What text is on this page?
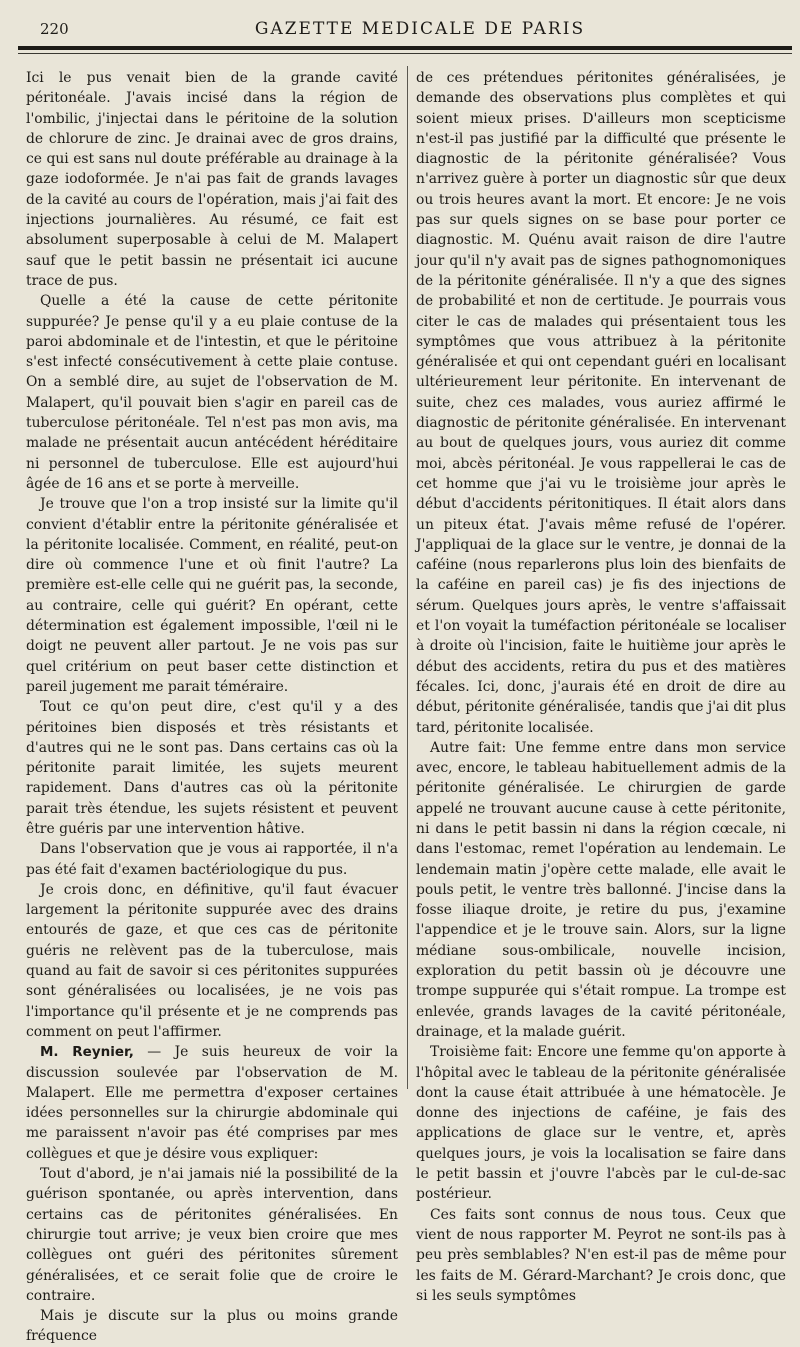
220	GAZETTE MEDICALE DE PARIS

Ici le pus venait bien de la grande cavité péritonéale. J'avais incisé dans la région de l'ombilic, j'injectai dans le péritoine de la solution de chlorure de zinc. Je drainai avec de gros drains, ce qui est sans nul doute préférable au drainage à la gaze iodoformée. Je n'ai pas fait de grands lavages de la cavité au cours de l'opération, mais j'ai fait des injections journalières. Au résumé, ce fait est absolument superposable à celui de M. Malapert sauf que le petit bassin ne présentait ici aucune trace de pus.

Quelle a été la cause de cette péritonite suppurée? Je pense qu'il y a eu plaie contuse de la paroi abdominale et de l'intestin, et que le péritoine s'est infecté consécutivement à cette plaie contuse. On a semblé dire, au sujet de l'observation de M. Malapert, qu'il pouvait bien s'agir en pareil cas de tuberculose péritonéale. Tel n'est pas mon avis, ma malade ne présentait aucun antécédent héréditaire ni personnel de tuberculose. Elle est aujourd'hui âgée de 16 ans et se porte à merveille.

Je trouve que l'on a trop insisté sur la limite qu'il convient d'établir entre la péritonite généralisée et la péritonite localisée. Comment, en réalité, peut-on dire où commence l'une et où finit l'autre? La première est-elle celle qui ne guérit pas, la seconde, au contraire, celle qui guérit? En opérant, cette détermination est également impossible, l'œil ni le doigt ne peuvent aller partout. Je ne vois pas sur quel critérium on peut baser cette distinction et pareil jugement me parait téméraire.

Tout ce qu'on peut dire, c'est qu'il y a des péritoines bien disposés et très résistants et d'autres qui ne le sont pas. Dans certains cas où la péritonite parait limitée, les sujets meurent rapidement. Dans d'autres cas où la péritonite parait très étendue, les sujets résistent et peuvent être guéris par une intervention hâtive.

Dans l'observation que je vous ai rapportée, il n'a pas été fait d'examen bactériologique du pus.

Je crois donc, en définitive, qu'il faut évacuer largement la péritonite suppurée avec des drains entourés de gaze, et que ces cas de péritonite guéris ne relèvent pas de la tuberculose, mais quand au fait de savoir si ces péritonites suppurées sont généralisées ou localisées, je ne vois pas l'importance qu'il présente et je ne comprends pas comment on peut l'affirmer.

M. Reynier, — Je suis heureux de voir la discussion soulevée par l'observation de M. Malapert. Elle me permettra d'exposer certaines idées personnelles sur la chirurgie abdominale qui me paraissent n'avoir pas été comprises par mes collègues et que je désire vous expliquer:

Tout d'abord, je n'ai jamais nié la possibilité de la guérison spontanée, ou après intervention, dans certains cas de péritonites généralisées. En chirurgie tout arrive; je veux bien croire que mes collègues ont guéri des péritonites sûrement généralisées, et ce serait folie que de croire le contraire.

Mais je discute sur la plus ou moins grande fréquence

de ces prétendues péritonites généralisées, je demande des observations plus complètes et qui soient mieux prises. D'ailleurs mon scepticisme n'est-il pas justifié par la difficulté que présente le diagnostic de la péritonite généralisée? Vous n'arrivez guère à porter un diagnostic sûr que deux ou trois heures avant la mort. Et encore: Je ne vois pas sur quels signes on se base pour porter ce diagnostic. M. Quénu avait raison de dire l'autre jour qu'il n'y avait pas de signes pathognomoniques de la péritonite généralisée. Il n'y a que des signes de probabilité et non de certitude. Je pourrais vous citer le cas de malades qui présentaient tous les symptômes que vous attribuez à la péritonite généralisée et qui ont cependant guéri en localisant ultérieurement leur péritonite. En intervenant de suite, chez ces malades, vous auriez affirmé le diagnostic de péritonite généralisée. En intervenant au bout de quelques jours, vous auriez dit comme moi, abcès péritonéal. Je vous rappellerai le cas de cet homme que j'ai vu le troisième jour après le début d'accidents péritonitiques. Il était alors dans un piteux état. J'avais même refusé de l'opérer. J'appliquai de la glace sur le ventre, je donnai de la caféine (nous reparlerons plus loin des bienfaits de la caféine en pareil cas) je fis des injections de sérum. Quelques jours après, le ventre s'affaissait et l'on voyait la tuméfaction péritonéale se localiser à droite où l'incision, faite le huitième jour après le début des accidents, retira du pus et des matières fécales. Ici, donc, j'aurais été en droit de dire au début, péritonite généralisée, tandis que j'ai dit plus tard, péritonite localisée.

Autre fait: Une femme entre dans mon service avec, encore, le tableau habituellement admis de la péritonite généralisée. Le chirurgien de garde appelé ne trouvant aucune cause à cette péritonite, ni dans le petit bassin ni dans la région cœcale, ni dans l'estomac, remet l'opération au lendemain. Le lendemain matin j'opère cette malade, elle avait le pouls petit, le ventre très ballonné. J'incise dans la fosse iliaque droite, je retire du pus, j'examine l'appendice et je le trouve sain. Alors, sur la ligne médiane sous-ombilicale, nouvelle incision, exploration du petit bassin où je découvre une trompe suppurée qui s'était rompue. La trompe est enlevée, grands lavages de la cavité péritonéale, drainage, et la malade guérit.

Troisième fait: Encore une femme qu'on apporte à l'hôpital avec le tableau de la péritonite généralisée dont la cause était attribuée à une hématocèle. Je donne des injections de caféine, je fais des applications de glace sur le ventre, et, après quelques jours, je vois la localisation se faire dans le petit bassin et j'ouvre l'abcès par le cul-de-sac postérieur.

Ces faits sont connus de nous tous. Ceux que vient de nous rapporter M. Peyrot ne sont-ils pas à peu près semblables? N'en est-il pas de même pour les faits de M. Gérard-Marchant? Je crois donc, que si les seuls symptômes
